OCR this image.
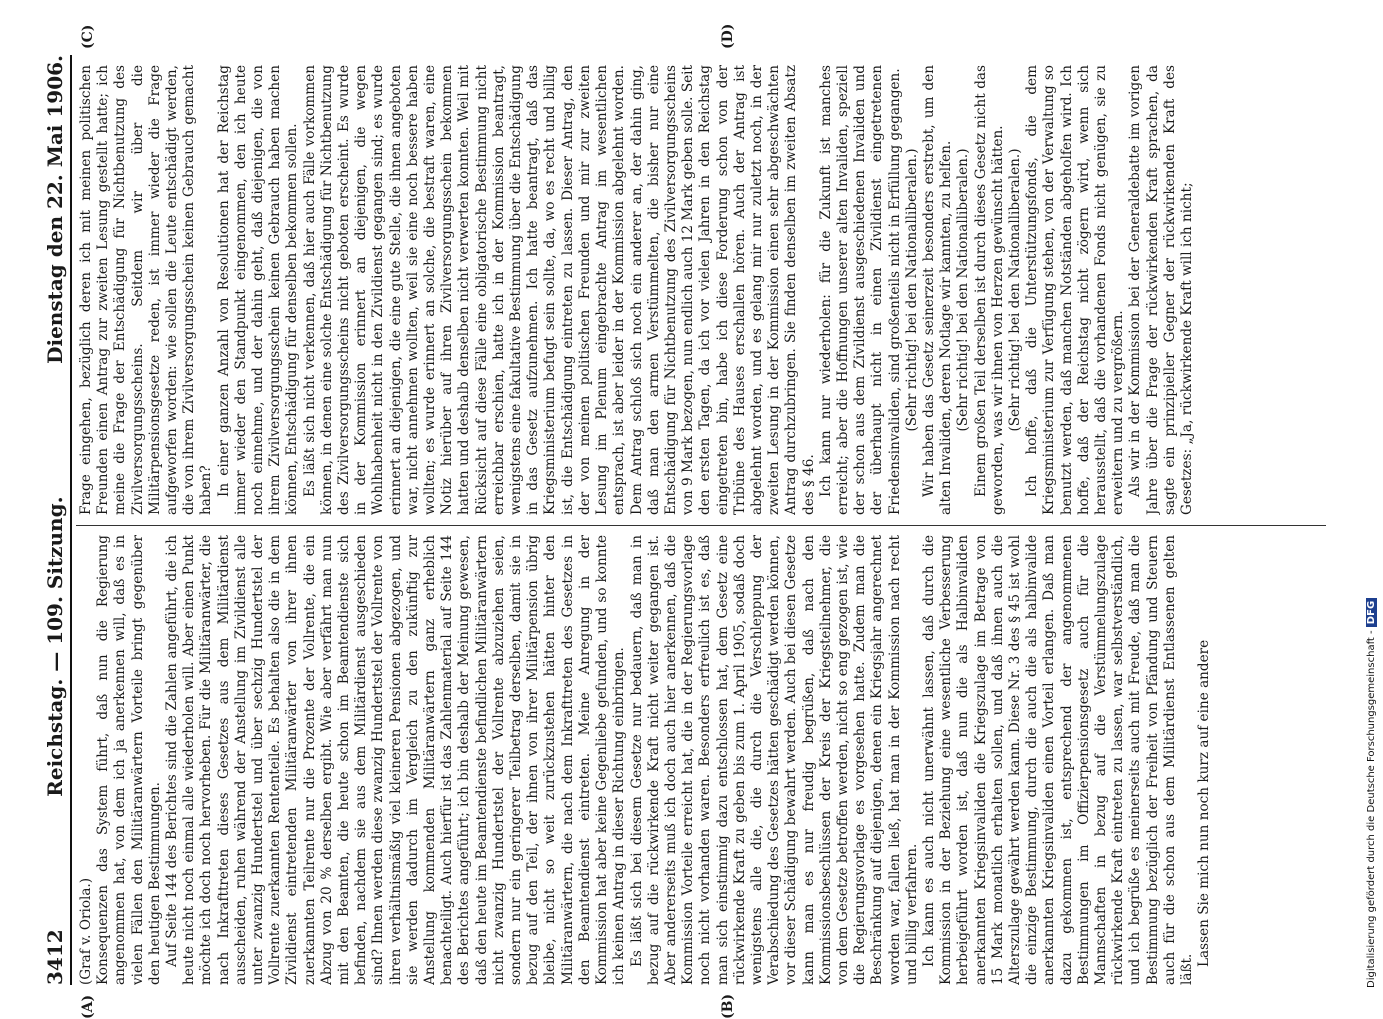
3412
Reichstag. — 109. Sitzung.
Dienstag den 22. Mai 1906.

(Graf v. Oriola.) Konsequenzen das System führt, daß nun die Regierung angenommen hat, von dem ich ja anerkennen will, daß es in vielen Fällen den Militäranwärtern Vorteile bringt gegenüber den heutigen Bestimmungen. Auf Seite 144 des Berichtes sind die Zahlen angeführt, die ich heute nicht noch einmal alle wiederholen will. Aber einen Punkt möchte ich doch noch hervorheben. Für die Militäranwärter, die nach Inkrafttreten dieses Gesetzes aus dem Militärdienst ausscheiden, ruhen während der Anstellung im Zivildienst alle unter zwanzig Hundertstel und über sechzig Hundertstel der Vollrente zuerkannten Rententeile. Es behalten also die in dem Zivildienst eintretenden Militäranwärter von ihrer ihnen zuerkannten Teilrente nur die Prozente der Vollrente, die ein Abzug von 20 % derselben ergibt. Wie aber verfährt man nun mit den Beamten, die heute schon im Beamtendienste sich befinden, nachdem sie aus dem Militärdienst ausgeschieden sind? Ihnen werden diese zwanzig Hundertstel der Vollrente von ihren verhältnismäßig viel kleineren Pensionen abgezogen, und sie werden dadurch im Vergleich zu den zukünftig zur Anstellung kommenden Militäranwärtern ganz erheblich benachteiligt. Auch hierfür ist das Zahlenmaterial auf Seite 144 des Berichtes angeführt; ich bin deshalb der Meinung gewesen, daß den heute im Beamtendienste befindlichen Militäranwärtern nicht zwanzig Hundertstel der Vollrente abzuziehen seien, sondern nur ein geringerer Teilbetrag derselben, damit sie in bezug auf den Teil, der ihnen von ihrer Militärpension übrig bleibe, nicht so weit zurückzustehen hätten hinter den Militäranwärtern, die nach dem Inkrafttreten des Gesetzes in den Beamtendienst eintreten. Meine Anregung in der Kommission hat aber keine Gegenliebe gefunden, und so konnte ich keinen Antrag in dieser Richtung einbringen. Es läßt sich bei diesem Gesetze nur bedauern, daß man in bezug auf die rückwirkende Kraft nicht weiter gegangen ist. Aber andererseits muß ich doch auch hier anerkennen, daß die Kommission Vorteile erreicht hat, die in der Regierungsvorlage noch nicht vorhanden waren. Besonders erfreulich ist es, daß man sich einstimmig dazu entschlossen hat, dem Gesetz eine rückwirkende Kraft zu geben bis zum 1. April 1905, sodaß doch wenigstens alle die, die durch die Verschleppung der Verabschiedung des Gesetzes hätten geschädigt werden können, vor dieser Schädigung bewahrt werden. Auch bei diesen Gesetze kann man es nur freudig begrüßen, daß nach den Kommissionsbeschlüssen der Kreis der Kriegsteilnehmer, die von dem Gesetze betroffen werden, nicht so eng gezogen ist, wie die Regierungsvorlage es vorgesehen hatte. Zudem man die Beschränkung auf diejenigen, denen ein Kriegsjahr angerechnet worden war, fallen ließ, hat man in der Kommission nach recht und billig verfahren. Ich kann es auch nicht unerwähnt lassen, daß durch die Kommission in der Beziehung eine wesentliche Verbesserung herbeigeführt worden ist, daß nun die als Halbinvaliden anerkannten Kriegsinvaliden die Kriegszulage im Betrage von 15 Mark monatlich erhalten sollen, und daß ihnen auch die Alterszulage gewährt werden kann. Diese Nr. 3 des § 45 ist wohl die einzige Bestimmung, durch die auch die als halbinvalide anerkannten Kriegsinvaliden einen Vorteil erlangen. Daß man dazu gekommen ist, entsprechend der angenommenen Bestimmungen im Offizierpensionsgesetz auch für die Mannschaften in bezug auf die Verstümmelungszulage rückwirkende Kraft eintreten zu lassen, war selbstverständlich, und ich begrüße es meinerseits auch mit Freude, daß man die Bestimmung bezüglich der Freiheit von Pfändung und Steuern auch für die schon aus dem Militärdienst Entlassenen gelten läßt.

Lassen Sie mich nun noch kurz auf eine andere

Frage eingehen, bezüglich deren ich mit meinen politischen Freunden einen Antrag zur zweiten Lesung gestellt hatte; ich meine die Frage der Entschädigung für Nichtbenutzung des Zivilversorgungsscheins. Seitdem wir über die Militärpensionsgesetze reden, ist immer wieder die Frage aufgeworfen worden: wie sollen die Leute entschädigt werden, die von ihrem Zivilversorgungsschein keinen Gebrauch gemacht haben? In einer ganzen Anzahl von Resolutionen hat der Reichstag immer wieder den Standpunkt eingenommen, den ich heute noch einnehme, und der dahin geht, daß diejenigen, die von ihrem Zivilversorgungsschein keinen Gebrauch haben machen können, Entschädigung für denselben bekommen sollen. Es läßt sich nicht verkennen, daß hier auch Fälle vorkommen können, in denen eine solche Entschädigung für Nichtbenutzung des Zivilversorgungsscheins nicht geboten erscheint. Es wurde in der Kommission erinnert an diejenigen, die wegen Wohlhabenheit nicht in den Zivildienst gegangen sind; es wurde erinnert an diejenigen, die eine gute Stelle, die ihnen angeboten war, nicht annehmen wollten, weil sie eine noch bessere haben wollten; es wurde erinnert an solche, die bestraft waren, eine Notiz hierüber auf ihren Zivilversorgungsschein bekommen hatten und deshalb denselben nicht verwerten konnten. Weil mit Rücksicht auf diese Fälle eine obligatorische Bestimmung nicht erreichbar erschien, hatte ich in der Kommission beantragt, wenigstens eine fakultative Bestimmung über die Entschädigung in das Gesetz aufzunehmen. Ich hatte beantragt, daß das Kriegsministerium befugt sein sollte, da, wo es recht und billig ist, die Entschädigung eintreten zu lassen. Dieser Antrag, den der von meinen politischen Freunden und mir zur zweiten Lesung im Plenum eingebrachte Antrag im wesentlichen entsprach, ist aber leider in der Kommission abgelehnt worden. Dem Antrag schloß sich noch ein anderer an, der dahin ging, daß man den armen Verstümmelten, die bisher nur eine Entschädigung für Nichtbenutzung des Zivilversorgungsscheins von 9 Mark bezogen, nun endlich auch 12 Mark geben solle. Seit den ersten Tagen, da ich vor vielen Jahren in den Reichstag eingetreten bin, habe ich diese Forderung schon von der Tribüne des Hauses erschallen hören. Auch der Antrag ist abgelehnt worden, und es gelang mir nur zuletzt noch, in der zweiten Lesung in der Kommission einen sehr abgeschwächten Antrag durchzubringen. Sie finden denselben im zweiten Absatz des § 46. Ich kann nur wiederholen: für die Zukunft ist manches erreicht; aber die Hoffnungen unserer alten Invaliden, speziell der schon aus dem Zivildienst ausgeschiedenen Invaliden und der überhaupt nicht in einen Zivildienst eingetretenen Friedensinvaliden, sind großenteils nicht in Erfüllung gegangen. (Sehr richtig! bei den Nationalliberalen.) Wir haben das Gesetz seinerzeit besonders erstrebt, um den alten Invaliden, deren Notlage wir kannten, zu helfen. (Sehr richtig! bei den Nationalliberalen.) Einem großen Teil derselben ist durch dieses Gesetz nicht das geworden, was wir ihnen von Herzen gewünscht hätten. (Sehr richtig! bei den Nationalliberalen.) Ich hoffe, daß die Unterstützungsfonds, die dem Kriegsministerium zur Verfügung stehen, von der Verwaltung so benutzt werden, daß manchen Notständen abgeholfen wird. Ich hoffe, daß der Reichstag nicht zögern wird, wenn sich herausstellt, daß die vorhandenen Fonds nicht genügen, sie zu erweitern und zu vergrößern. Als wir in der Kommission bei der Generaldebatte im vorigen Jahre über die Frage der rückwirkenden Kraft sprachen, da sagte ein prinzipieller Gegner der rückwirkenden Kraft des Gesetzes: „Ja, rückwirkende Kraft will ich nicht;

(A)	(B)
(C)	(D)
Digitalisierung gefördert durch die Deutsche Forschungsgemeinschaft - DFG
